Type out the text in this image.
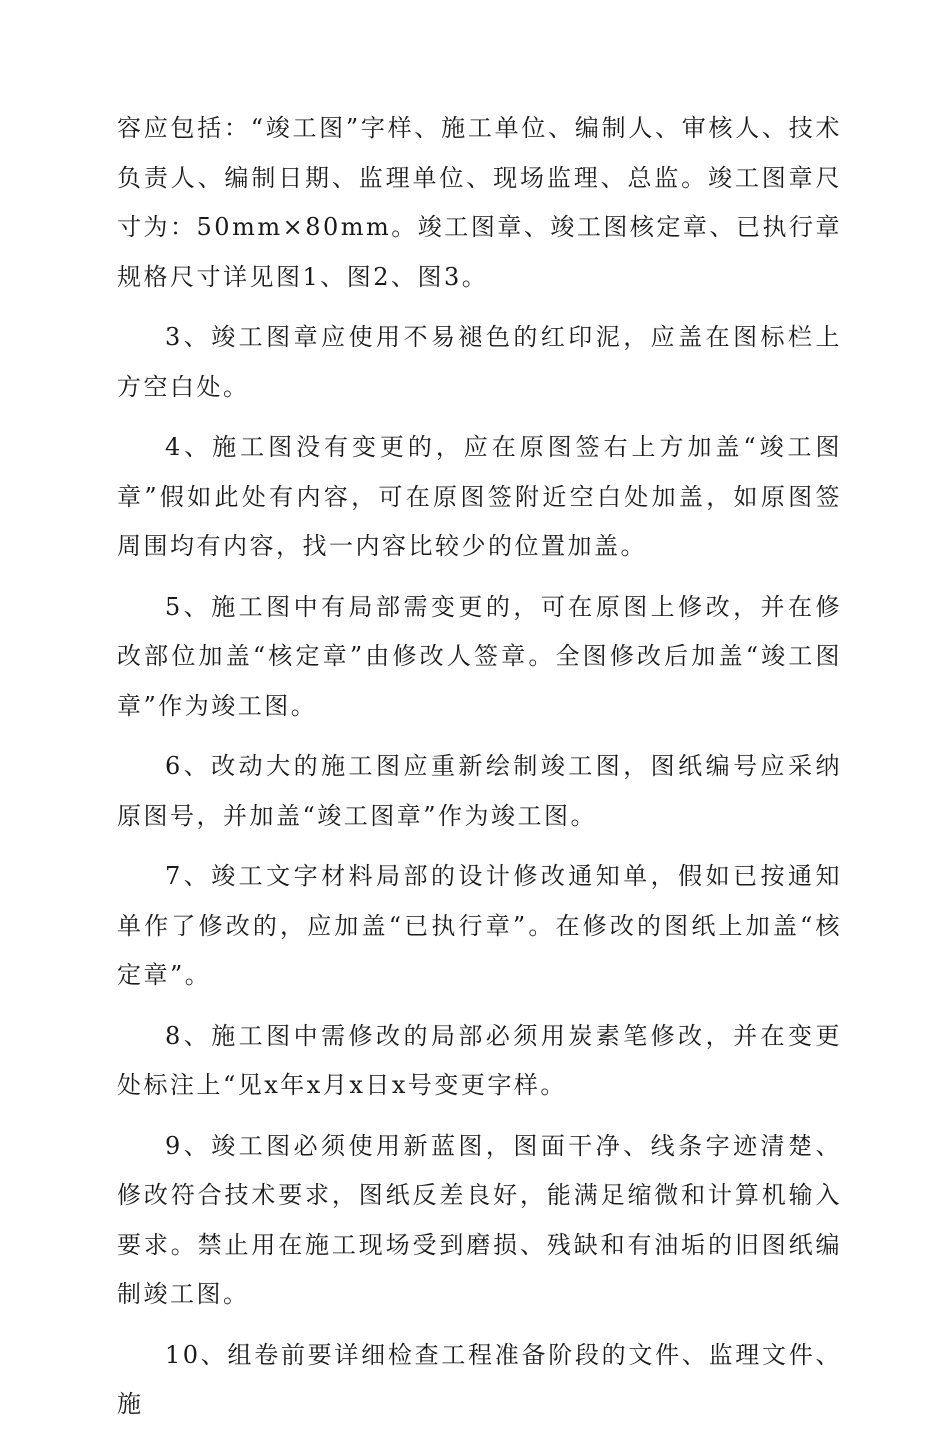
容应包括：“竣工图”字样、施工单位、编制人、审核人、技术负责人、编制日期、监理单位、现场监理、总监。竣工图章尺寸为：50mm×80mm。竣工图章、竣工图核定章、已执行章规格尺寸详见图1、图2、图3。

3、竣工图章应使用不易褪色的红印泥，应盖在图标栏上方空白处。

4、施工图没有变更的，应在原图签右上方加盖“竣工图章”假如此处有内容，可在原图签附近空白处加盖，如原图签周围均有内容，找一内容比较少的位置加盖。

5、施工图中有局部需变更的，可在原图上修改，并在修改部位加盖“核定章”由修改人签章。全图修改后加盖“竣工图章”作为竣工图。

6、改动大的施工图应重新绘制竣工图，图纸编号应采纳原图号，并加盖“竣工图章”作为竣工图。

7、竣工文字材料局部的设计修改通知单，假如已按通知单作了修改的，应加盖“已执行章”。在修改的图纸上加盖“核定章”。

8、施工图中需修改的局部必须用炭素笔修改，并在变更处标注上“见x年x月x日x号变更字样。

9、竣工图必须使用新蓝图，图面干净、线条字迹清楚、修改符合技术要求，图纸反差良好，能满足缩微和计算机输入要求。禁止用在施工现场受到磨损、残缺和有油垢的旧图纸编制竣工图。

10、组卷前要详细检查工程准备阶段的文件、监理文件、施
